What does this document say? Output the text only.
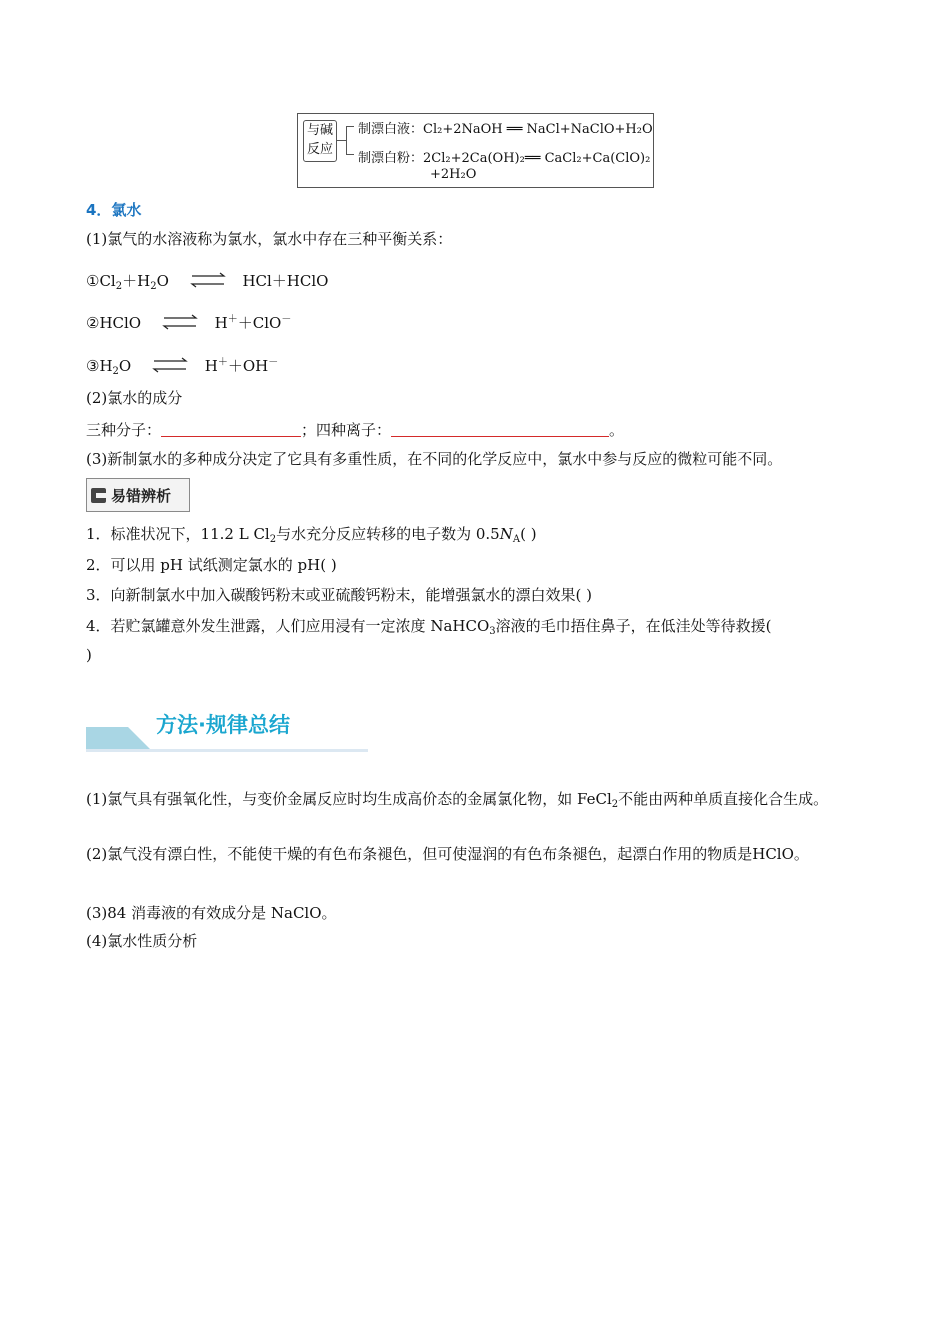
与碱
反应
制漂白液：Cl₂+2NaOH ══ NaCl+NaClO+H₂O
制漂白粉：2Cl₂+2Ca(OH)₂══ CaCl₂+Ca(ClO)₂
+2H₂O
4．氯水
(1)氯气的水溶液称为氯水，氯水中存在三种平衡关系：
$①Cl_2+H_2O$ ⇌ HCl＋HClO
②HClO ⇌ H＋＋ClO－
$③H_2O$ ⇌ H＋＋OH－
(2)氯水的成分
三种分子：	；四种离子：	。
(3)新制氯水的多种成分决定了它具有多重性质，在不同的化学反应中，氯水中参与反应的微粒可能不同。
易错辨析
1．标准状况下，11.2 L $Cl_2$与水充分反应转移的电子数为 $0.5N_A$( )
2．可以用 pH 试纸测定氯水的 pH( )
3．向新制氯水中加入碳酸钙粉末或亚硫酸钙粉末，能增强氯水的漂白效果( )
4．若贮氯罐意外发生泄露，人们应用浸有一定浓度 NaHCO$_3$溶液的毛巾捂住鼻子，在低洼处等待救援(
)
方法·规律总结
(1)氯气具有强氧化性，与变价金属反应时均生成高价态的金属氯化物，如 FeCl$_2$不能由两种单质直接化合生成。
(2)氯气没有漂白性，不能使干燥的有色布条褪色，但可使湿润的有色布条褪色，起漂白作用的物质是HClO。
(3)84 消毒液的有效成分是 NaClO。
(4)氯水性质分析
